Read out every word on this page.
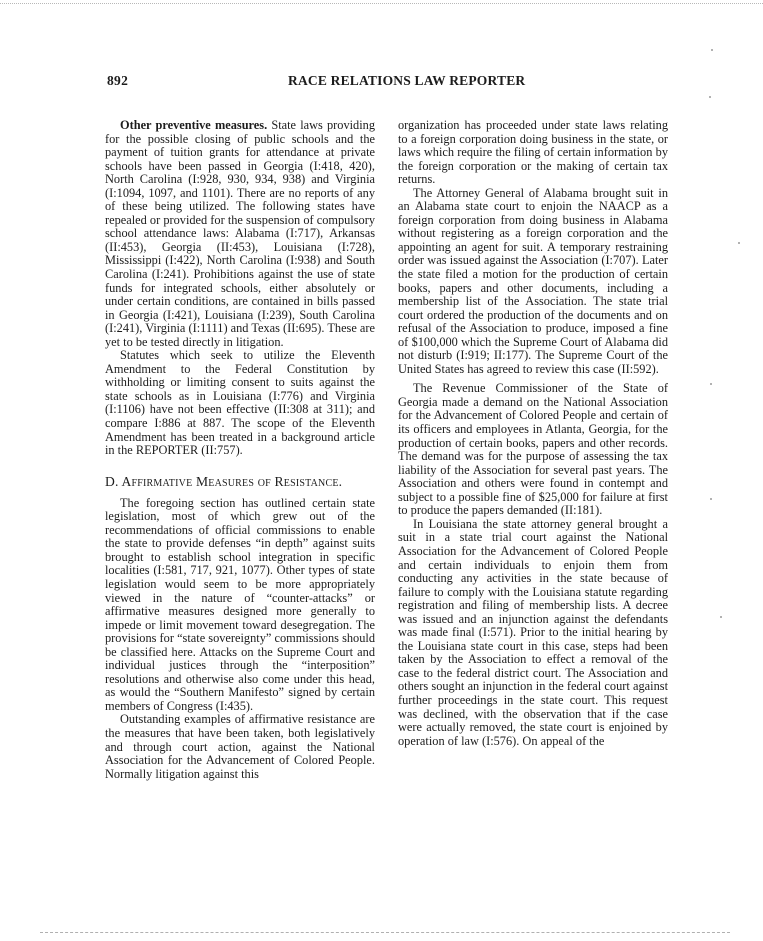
892	RACE RELATIONS LAW REPORTER

Other preventive measures. State laws providing for the possible closing of public schools and the payment of tuition grants for attendance at private schools have been passed in Georgia (I:418, 420), North Carolina (I:928, 930, 934, 938) and Virginia (I:1094, 1097, and 1101). There are no reports of any of these being utilized. The following states have repealed or provided for the suspension of compulsory school attendance laws: Alabama (I:717), Arkansas (II:453), Georgia (II:453), Louisiana (I:728), Mississippi (I:422), North Carolina (I:938) and South Carolina (I:241). Prohibitions against the use of state funds for integrated schools, either absolutely or under certain conditions, are contained in bills passed in Georgia (I:421), Louisiana (I:239), South Carolina (I:241), Virginia (I:1111) and Texas (II:695). These are yet to be tested directly in litigation.

Statutes which seek to utilize the Eleventh Amendment to the Federal Constitution by withholding or limiting consent to suits against the state schools as in Louisiana (I:776) and Virginia (I:1106) have not been effective (II:308 at 311); and compare I:886 at 887. The scope of the Eleventh Amendment has been treated in a background article in the REPORTER (II:757).

D. Affirmative Measures of Resistance.

The foregoing section has outlined certain state legislation, most of which grew out of the recommendations of official commissions to enable the state to provide defenses “in depth” against suits brought to establish school integration in specific localities (I:581, 717, 921, 1077). Other types of state legislation would seem to be more appropriately viewed in the nature of “counter-attacks” or affirmative measures designed more generally to impede or limit movement toward desegregation. The provisions for “state sovereignty” commissions should be classified here. Attacks on the Supreme Court and individual justices through the “interposition” resolutions and otherwise also come under this head, as would the “Southern Manifesto” signed by certain members of Congress (I:435).

Outstanding examples of affirmative resistance are the measures that have been taken, both legislatively and through court action, against the National Association for the Advancement of Colored People. Normally litigation against this

organization has proceeded under state laws relating to a foreign corporation doing business in the state, or laws which require the filing of certain information by the foreign corporation or the making of certain tax returns.

The Attorney General of Alabama brought suit in an Alabama state court to enjoin the NAACP as a foreign corporation from doing business in Alabama without registering as a foreign corporation and the appointing an agent for suit. A temporary restraining order was issued against the Association (I:707). Later the state filed a motion for the production of certain books, papers and other documents, including a membership list of the Association. The state trial court ordered the production of the documents and on refusal of the Association to produce, imposed a fine of $100,000 which the Supreme Court of Alabama did not disturb (I:919; II:177). The Supreme Court of the United States has agreed to review this case (II:592).

The Revenue Commissioner of the State of Georgia made a demand on the National Association for the Advancement of Colored People and certain of its officers and employees in Atlanta, Georgia, for the production of certain books, papers and other records. The demand was for the purpose of assessing the tax liability of the Association for several past years. The Association and others were found in contempt and subject to a possible fine of $25,000 for failure at first to produce the papers demanded (II:181).

In Louisiana the state attorney general brought a suit in a state trial court against the National Association for the Advancement of Colored People and certain individuals to enjoin them from conducting any activities in the state because of failure to comply with the Louisiana statute regarding registration and filing of membership lists. A decree was issued and an injunction against the defendants was made final (I:571). Prior to the initial hearing by the Louisiana state court in this case, steps had been taken by the Association to effect a removal of the case to the federal district court. The Association and others sought an injunction in the federal court against further proceedings in the state court. This request was declined, with the observation that if the case were actually removed, the state court is enjoined by operation of law (I:576). On appeal of the
